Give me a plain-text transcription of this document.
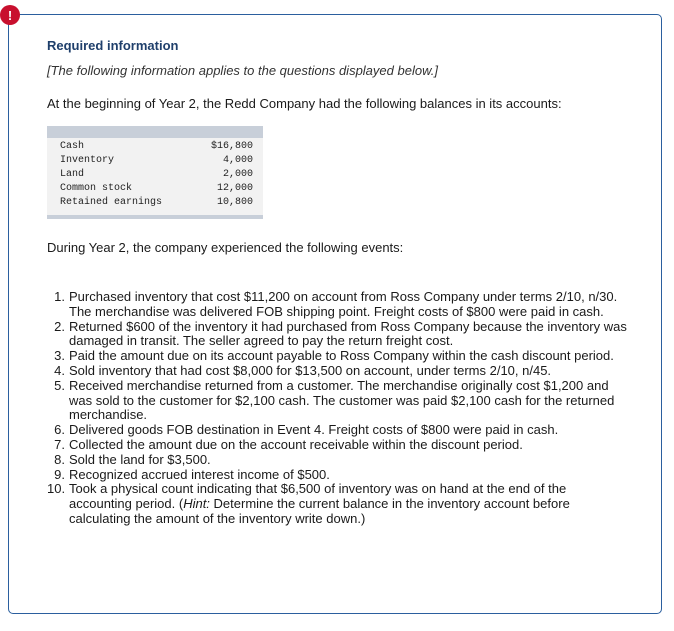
!
Required information
[The following information applies to the questions displayed below.]
At the beginning of Year 2, the Redd Company had the following balances in its accounts:
Cash	$16,800
Inventory	4,000
Land	2,000
Common stock	12,000
Retained earnings	10,800
During Year 2, the company experienced the following events:
1. Purchased inventory that cost $11,200 on account from Ross Company under terms 2/10, n/30. The merchandise was delivered FOB shipping point. Freight costs of $800 were paid in cash.
2. Returned $600 of the inventory it had purchased from Ross Company because the inventory was damaged in transit. The seller agreed to pay the return freight cost.
3. Paid the amount due on its account payable to Ross Company within the cash discount period.
4. Sold inventory that had cost $8,000 for $13,500 on account, under terms 2/10, n/45.
5. Received merchandise returned from a customer. The merchandise originally cost $1,200 and was sold to the customer for $2,100 cash. The customer was paid $2,100 cash for the returned merchandise.
6. Delivered goods FOB destination in Event 4. Freight costs of $800 were paid in cash.
7. Collected the amount due on the account receivable within the discount period.
8. Sold the land for $3,500.
9. Recognized accrued interest income of $500.
10. Took a physical count indicating that $6,500 of inventory was on hand at the end of the accounting period. (Hint: Determine the current balance in the inventory account before calculating the amount of the inventory write down.)
